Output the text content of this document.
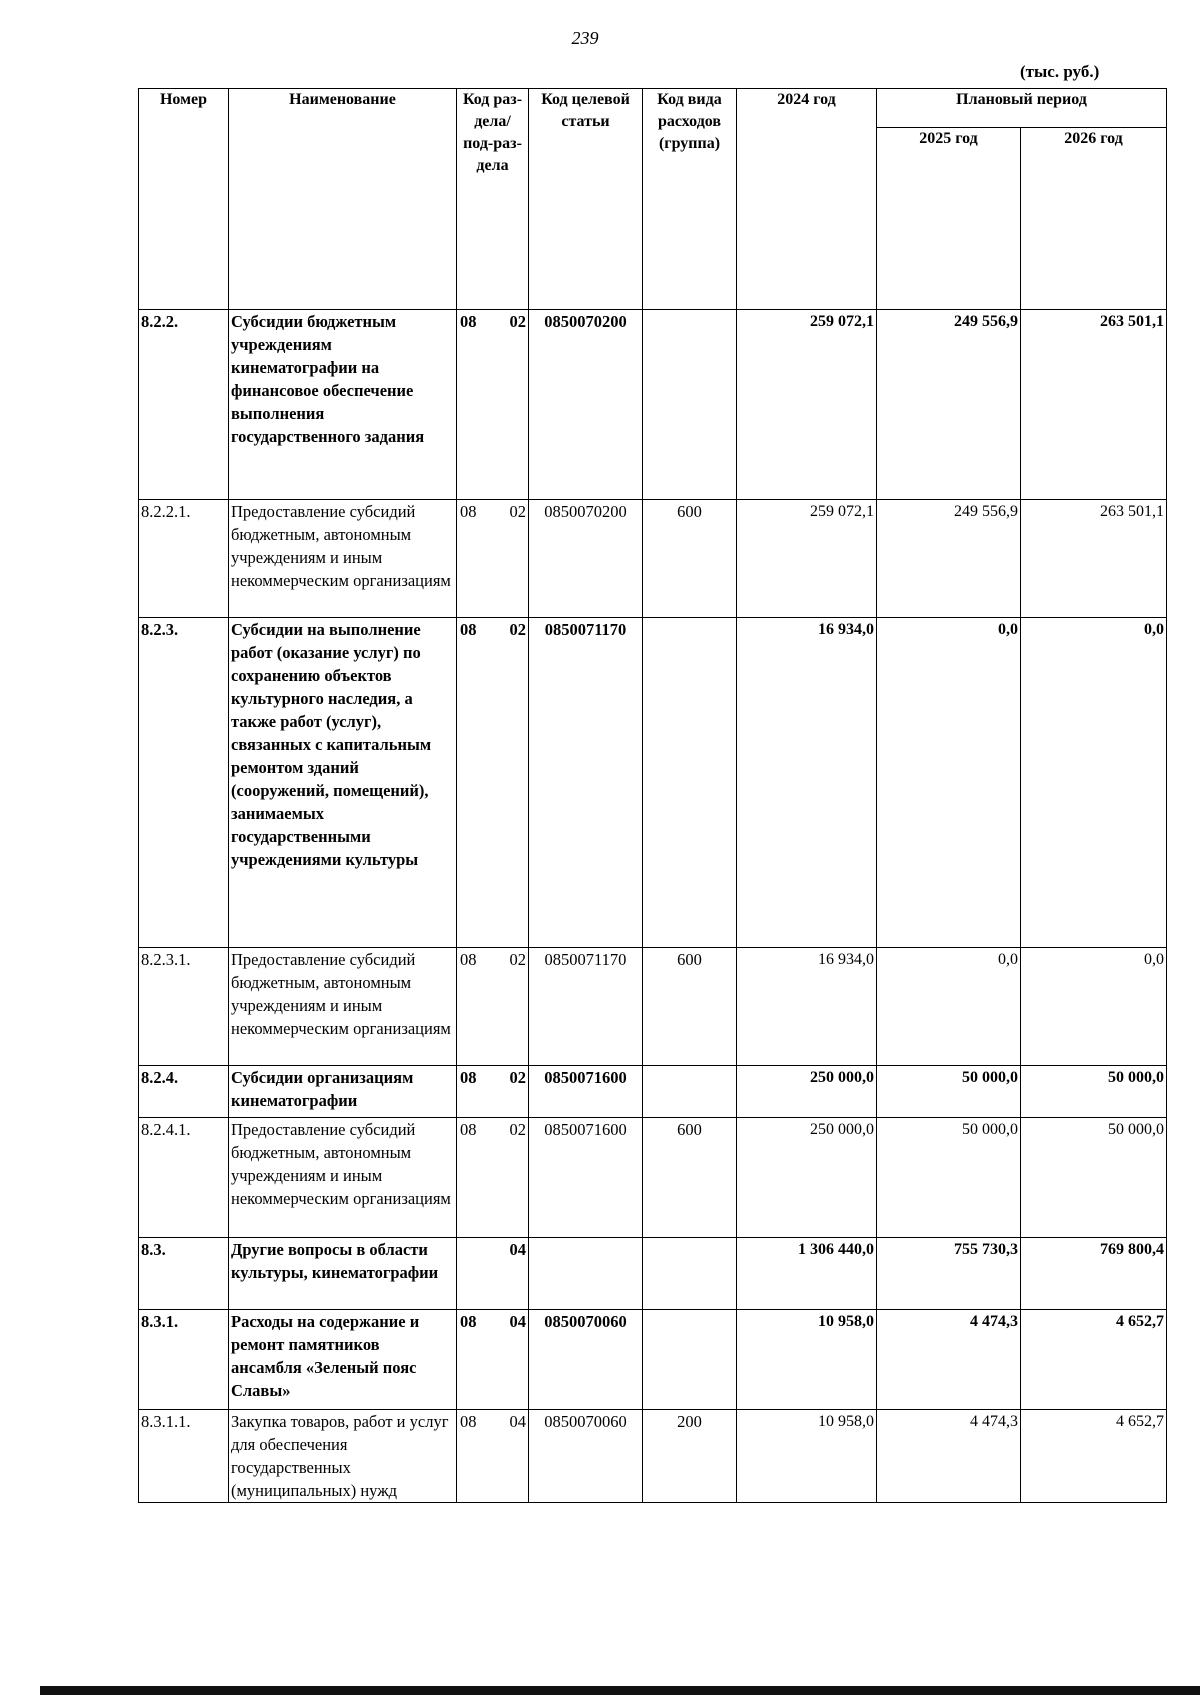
239
(тыс. руб.)
Номер	Наименование	Код раз-дела/ под-раз-дела	Код целевой статьи	Код вида расходов (группа)	2024 год	Плановый период	
						2025 год	2026 год
8.2.2.	Субсидии бюджетным учреждениям кинематографии на финансовое обеспечение выполнения государственного задания	08 02	0850070200		259 072,1	249 556,9	263 501,1
8.2.2.1.	Предоставление субсидий бюджетным, автономным учреждениям и иным некоммерческим организациям	08 02	0850070200	600	259 072,1	249 556,9	263 501,1
8.2.3.	Субсидии на выполнение работ (оказание услуг) по сохранению объектов культурного наследия, а также работ (услуг), связанных с капитальным ремонтом зданий (сооружений, помещений), занимаемых государственными учреждениями культуры	08 02	0850071170		16 934,0	0,0	0,0
8.2.3.1.	Предоставление субсидий бюджетным, автономным учреждениям и иным некоммерческим организациям	08 02	0850071170	600	16 934,0	0,0	0,0
8.2.4.	Субсидии организациям кинематографии	08 02	0850071600		250 000,0	50 000,0	50 000,0
8.2.4.1.	Предоставление субсидий бюджетным, автономным учреждениям и иным некоммерческим организациям	08 02	0850071600	600	250 000,0	50 000,0	50 000,0
8.3.	Другие вопросы в области культуры, кинематографии	04			1 306 440,0	755 730,3	769 800,4
8.3.1.	Расходы на содержание и ремонт памятников ансамбля «Зеленый пояс Славы»	08 04	0850070060		10 958,0	4 474,3	4 652,7
8.3.1.1.	Закупка товаров, работ и услуг для обеспечения государственных (муниципальных) нужд	08 04	0850070060	200	10 958,0	4 474,3	4 652,7
